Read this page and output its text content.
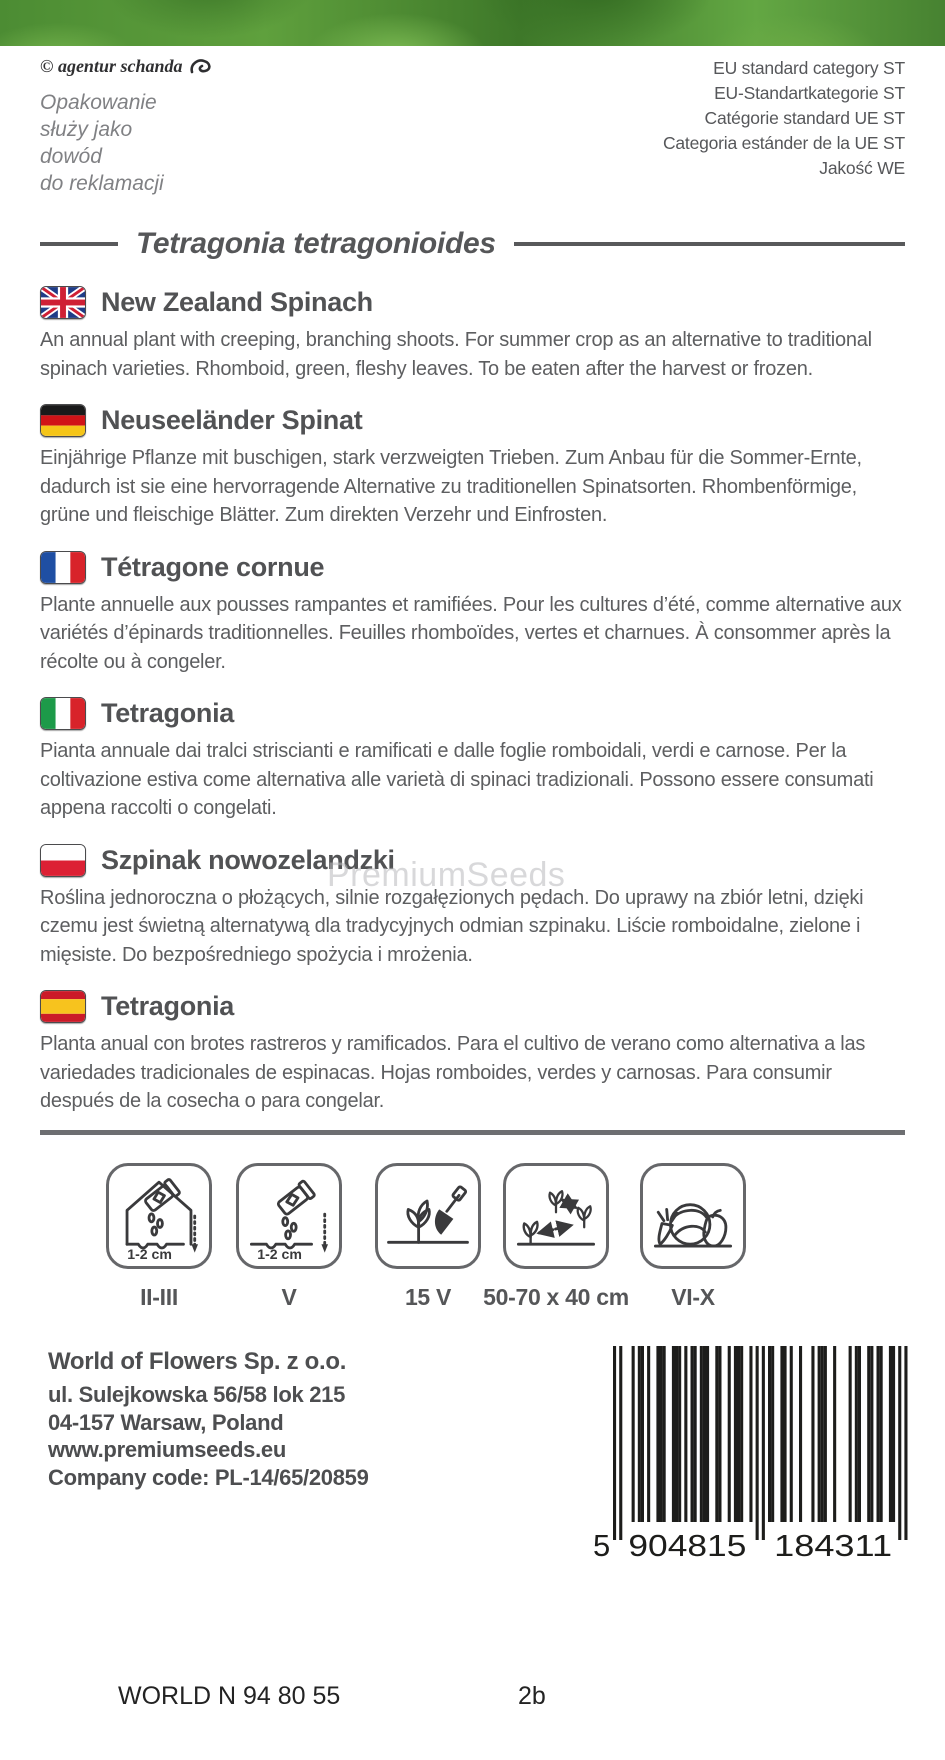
© agentur schanda
Opakowanie
służy jako
dowód
do reklamacji
EU standard category ST
EU-Standartkategorie ST
Catégorie standard UE ST
Categoria estánder de la UE ST
Jakość WE
Tetragonia tetragonioides
New Zealand Spinach

An annual plant with creeping, branching shoots. For summer crop as an alternative to traditional spinach varieties. Rhomboid, green, fleshy leaves. To be eaten after the harvest or frozen.

Neuseeländer Spinat

Einjährige Pflanze mit buschigen, stark verzweigten Trieben. Zum Anbau für die Sommer-Ernte, dadurch ist sie eine hervorragende Alternative zu traditionellen Spinatsorten. Rhombenförmige, grüne und fleischige Blätter. Zum direkten Verzehr und Einfrosten.

Tétragone cornue

Plante annuelle aux pousses rampantes et ramifiées. Pour les cultures d’été, comme alternative aux variétés d’épinards traditionnelles. Feuilles rhomboïdes, vertes et charnues. À consommer après la récolte ou à congeler.

Tetragonia

Pianta annuale dai tralci striscianti e ramificati e dalle foglie romboidali, verdi e carnose. Per la coltivazione estiva come alternativa alle varietà di spinaci tradizionali. Possono essere consumati appena raccolti o congelati.

Szpinak nowozelandzki

Roślina jednoroczna o płożących, silnie rozgałęzionych pędach. Do uprawy na zbiór letni, dzięki czemu jest świetną alternatywą dla tradycyjnych odmian szpinaku. Liście romboidalne, zielone i mięsiste. Do bezpośredniego spożycia i mrożenia.

Tetragonia

Planta anual con brotes rastreros y ramificados. Para el cultivo de verano como alternativa a las variedades tradicionales de espinacas. Hojas romboides, verdes y carnosas. Para consumir después de la cosecha o para congelar.

PremiumSeeds
1-2 cm
II-III
1-2 cm
V	15 V 50-70 x 40 cm VI-X

World of Flowers Sp. z o.o.

ul. Sulejkowska 56/58 lok 215
04-157 Warsaw, Poland
www.premiumseeds.eu
Company code: PL-14/65/20859
5 904815 184311
WORLD N 94 80 55	2b
